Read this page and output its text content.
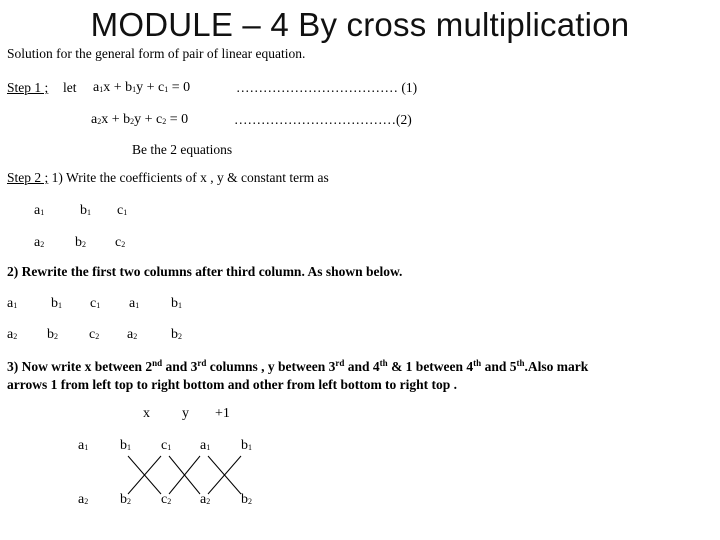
MODULE – 4 By cross multiplication
Solution for the general form of pair of linear equation.
Step 1 ; let a1x + b1y + c1 = 0	……………………………… (1)
a2x + b2y + c2 = 0	………………………………(2)
Be the 2 equations
Step 2 ; 1) Write the coefficients of x , y & constant term as
a1	b1 c1
a2 b2 c2
2) Rewrite the first two columns after third column. As shown below.
a1 b1 c1 a1 b1
a2 b2 c2 a2 b2
3) Now write x between 2nd and 3rd columns , y between 3rd and 4th & 1 between 4th and 5th.Also mark
arrows 1 from left top to right bottom and other from left bottom to right top .
x y +1
a1 b1 c1 a1 b1
a2 b2 c2 a2 b2
